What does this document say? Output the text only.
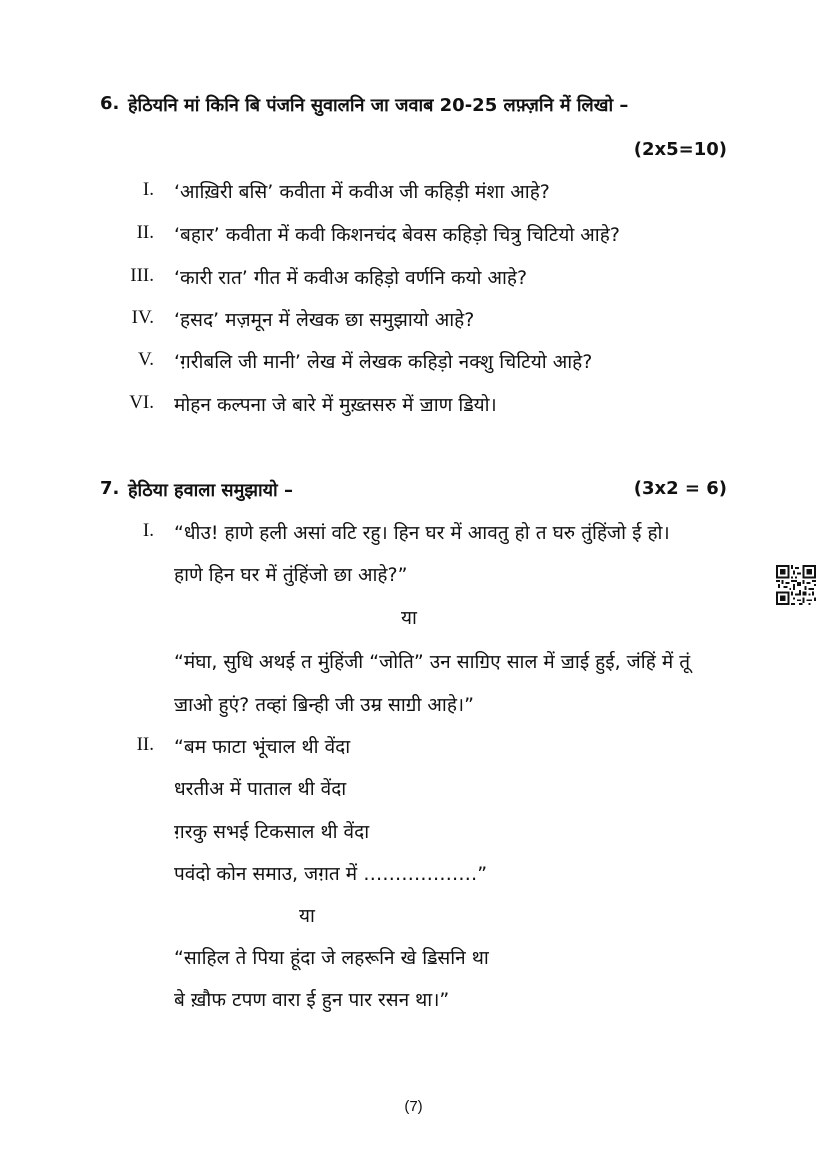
6. हेठियनि मां किनि बि पंजनि सुवालनि जा जवाब 20-25 लफ़्ज़नि में लिखो –
(2x5=10)
I. ‘आख़िरी बसि’ कवीता में कवीअ जी कहिड़ी मंशा आहे?
II. ‘बहार’ कवीता में कवी किशनचंद बेवस कहिड़ो चित्रु चिटियो आहे?
III. ‘कारी रात’ गीत में कवीअ कहिड़ो वर्णनि कयो आहे?
IV. ‘हसद’ मज़मून में लेखक छा समुझायो आहे?
V. ‘ग़रीबलि जी मानी’ लेख में लेखक कहिड़ो नक्शु चिटियो आहे?
VI. मोहन कल्पना जे बारे में मुख़्तसरु में ॼाण ॾियो।
7. हेठिया हवाला समुझायो –	(3x2 = 6)
I. “धीउ! हाणे हली असां वटि रहु। हिन घर में आवतु हो त घरु तुंहिंजो ई हो।
हाणे हिन घर में तुंहिंजो छा आहे?”
या
“मंघा, सुधि अथई त मुंहिंजी “जोति” उन साॻिए साल में ॼाई हुई, जंहिं में तूं
ॼाओ हुएं? तव्हां ॿिन्ही जी उम्र साॻी आहे।”
II. “बम फाटा भूंचाल थी वेंदा
धरतीअ में पाताल थी वेंदा
ग़रकु सभई टिकसाल थी वेंदा
पवंदो कोन समाउ, जग़त में ………………”
या
“साहिल ते पिया हूंदा जे लहरूनि खे ॾिसनि था
बे ख़ौफ टपण वारा ई हुन पार रसन था।”
(7)
